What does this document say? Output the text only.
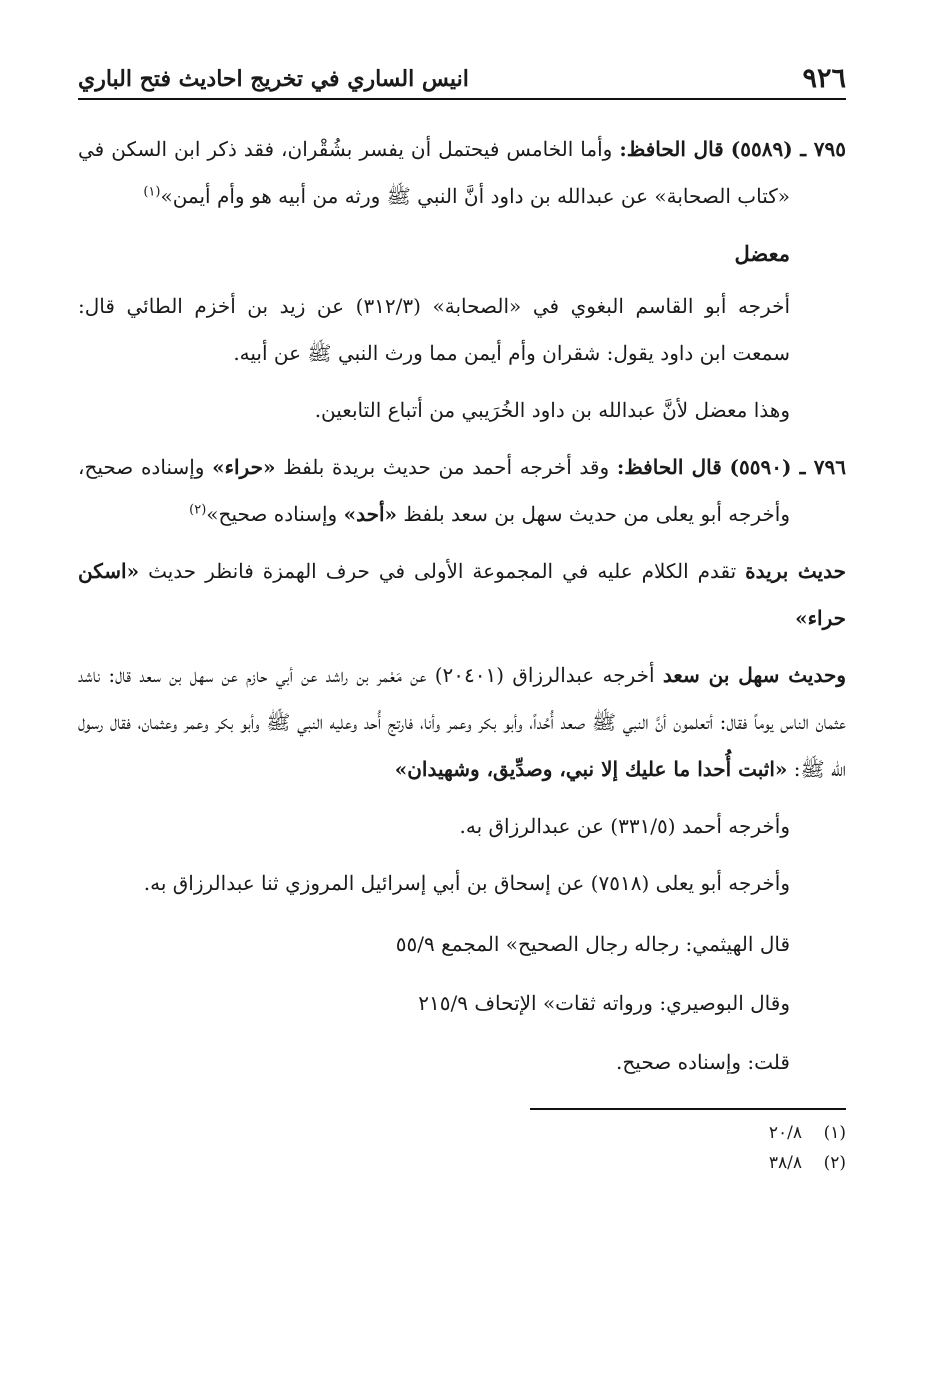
٩٢٦
انيس الساري في تخريج احاديث فتح الباري
٧٩٥ ـ (٥٥٨٩) قال الحافظ: وأما الخامس فيحتمل أن يفسر بشُقْران، فقد ذكر ابن السكن في «كتاب الصحابة» عن عبدالله بن داود أنَّ النبي ﷺ ورثه من أبيه هو وأم أيمن»$^{(١)}$
معضل
أخرجه أبو القاسم البغوي في «الصحابة» (٣١٢/٣) عن زيد بن أخزم الطائي قال: سمعت ابن داود يقول: شقران وأم أيمن مما ورث النبي ﷺ عن أبيه.
وهذا معضل لأنَّ عبدالله بن داود الخُرَيبي من أتباع التابعين.
٧٩٦ ـ (٥٥٩٠) قال الحافظ: وقد أخرجه أحمد من حديث بريدة بلفظ «حراء» وإسناده صحيح، وأخرجه أبو يعلى من حديث سهل بن سعد بلفظ «أحد» وإسناده صحيح»$^{(٢)}$
حديث بريدة تقدم الكلام عليه في المجموعة الأولى في حرف الهمزة فانظر حديث «اسكن حراء»
وحديث سهل بن سعد أخرجه عبدالرزاق (٢٠٤٠١) عن مَعْمر بن راشد عن أبي حازم عن سهل بن سعد قال: ناشد عثمان الناس يوماً فقال: أتعلمون أنَّ النبي ﷺ صعد أُحُداً، وأبو بكر وعمر وأنا، فارتج أُحد وعليه النبي ﷺ وأبو بكر وعمر وعثمان، فقال رسول الله ﷺ: «اثبت أُحدا ما عليك إلا نبي، وصدِّيق، وشهيدان»
وأخرجه أحمد (٣٣١/٥) عن عبدالرزاق به.
وأخرجه أبو يعلى (٧٥١٨) عن إسحاق بن أبي إسرائيل المروزي ثنا عبدالرزاق به.
قال الهيثمي: رجاله رجال الصحيح» المجمع ٥٥/٩
وقال البوصيري: ورواته ثقات» الإتحاف ٢١٥/٩
قلت: وإسناده صحيح.
(١)
٢٠/٨
(٢)
٣٨/٨
